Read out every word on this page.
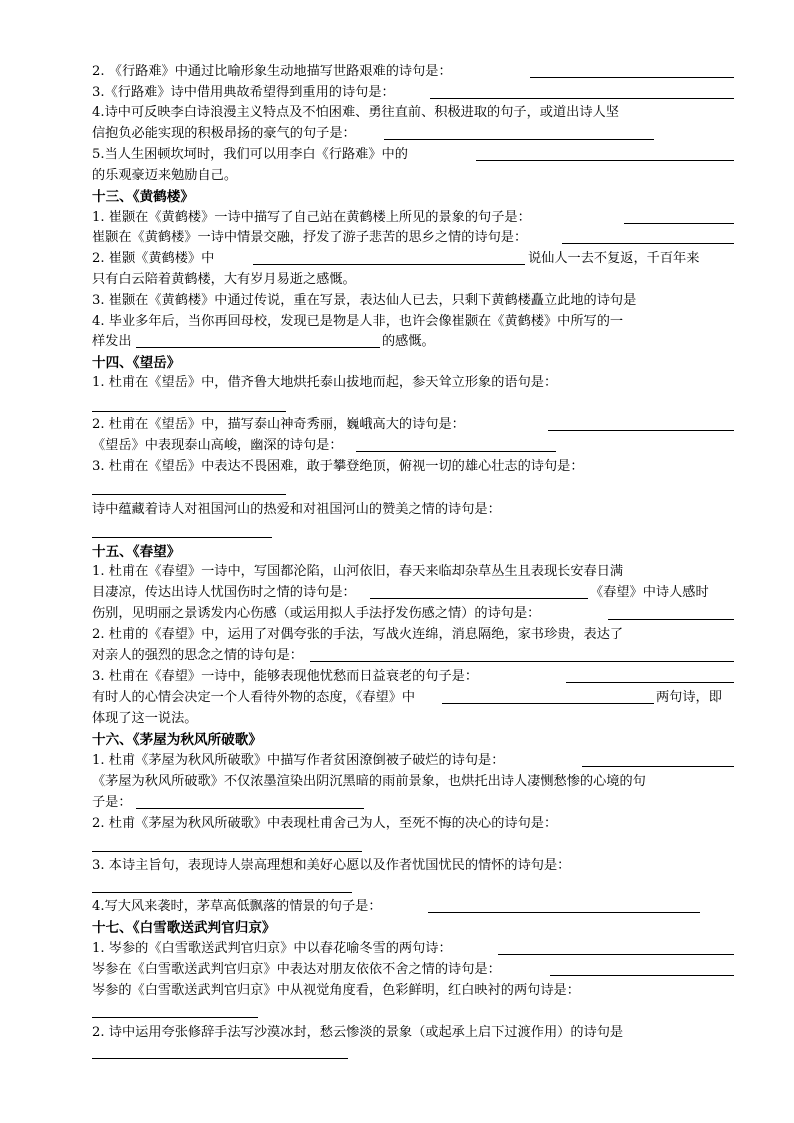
2. 《行路难》中通过比喻形象生动地描写世路艰难的诗句是：
3.《行路难》诗中借用典故希望得到重用的诗句是：
4.诗中可反映李白诗浪漫主义特点及不怕困难、勇往直前、积极进取的句子，或道出诗人坚
信抱负必能实现的积极昂扬的豪气的句子是：
5.当人生困顿坎坷时，我们可以用李白《行路难》中的
的乐观豪迈来勉励自己。
十三、《黄鹤楼》
1. 崔颢在《黄鹤楼》一诗中描写了自己站在黄鹤楼上所见的景象的句子是：
崔颢在《黄鹤楼》一诗中情景交融，抒发了游子悲苦的思乡之情的诗句是：
2. 崔颢《黄鹤楼》中	说仙人一去不复返，千百年来
只有白云陪着黄鹤楼，大有岁月易逝之感慨。
3. 崔颢在《黄鹤楼》中通过传说，重在写景，表达仙人已去，只剩下黄鹤楼矗立此地的诗句是
4. 毕业多年后，当你再回母校，发现已是物是人非，也许会像崔颢在《黄鹤楼》中所写的一
样发出	的感慨。
十四、《望岳》
1. 杜甫在《望岳》中，借齐鲁大地烘托泰山拔地而起，参天耸立形象的语句是：
2. 杜甫在《望岳》中，描写泰山神奇秀丽，巍峨高大的诗句是：
《望岳》中表现泰山高峻，幽深的诗句是：
3. 杜甫在《望岳》中表达不畏困难，敢于攀登绝顶，俯视一切的雄心壮志的诗句是：
诗中蕴藏着诗人对祖国河山的热爱和对祖国河山的赞美之情的诗句是：
十五、《春望》
1. 杜甫在《春望》一诗中，写国都沦陷，山河依旧，春天来临却杂草丛生且表现长安春日满
目凄凉，传达出诗人忧国伤时之情的诗句是：	《春望》中诗人感时
伤别，见明丽之景诱发内心伤感（或运用拟人手法抒发伤感之情）的诗句是：
2. 杜甫的《春望》中，运用了对偶夸张的手法，写战火连绵，消息隔绝，家书珍贵，表达了
对亲人的强烈的思念之情的诗句是：
3. 杜甫在《春望》一诗中，能够表现他忧愁而日益衰老的句子是：
有时人的心情会决定一个人看待外物的态度，《春望》中	两句诗，即
体现了这一说法。
十六、《茅屋为秋风所破歌》
1. 杜甫《茅屋为秋风所破歌》中描写作者贫困潦倒被子破烂的诗句是：
《茅屋为秋风所破歌》不仅浓墨渲染出阴沉黑暗的雨前景象，也烘托出诗人凄恻愁惨的心境的句
子是：
2. 杜甫《茅屋为秋风所破歌》中表现杜甫舍己为人，至死不悔的决心的诗句是：
3. 本诗主旨句，表现诗人崇高理想和美好心愿以及作者忧国忧民的情怀的诗句是：
4.写大风来袭时，茅草高低飘落的情景的句子是：
十七、《白雪歌送武判官归京》
1. 岑参的《白雪歌送武判官归京》中以春花喻冬雪的两句诗：
岑参在《白雪歌送武判官归京》中表达对朋友依依不舍之情的诗句是：
岑参的《白雪歌送武判官归京》中从视觉角度看，色彩鲜明，红白映衬的两句诗是：
2. 诗中运用夸张修辞手法写沙漠冰封，愁云惨淡的景象（或起承上启下过渡作用）的诗句是
